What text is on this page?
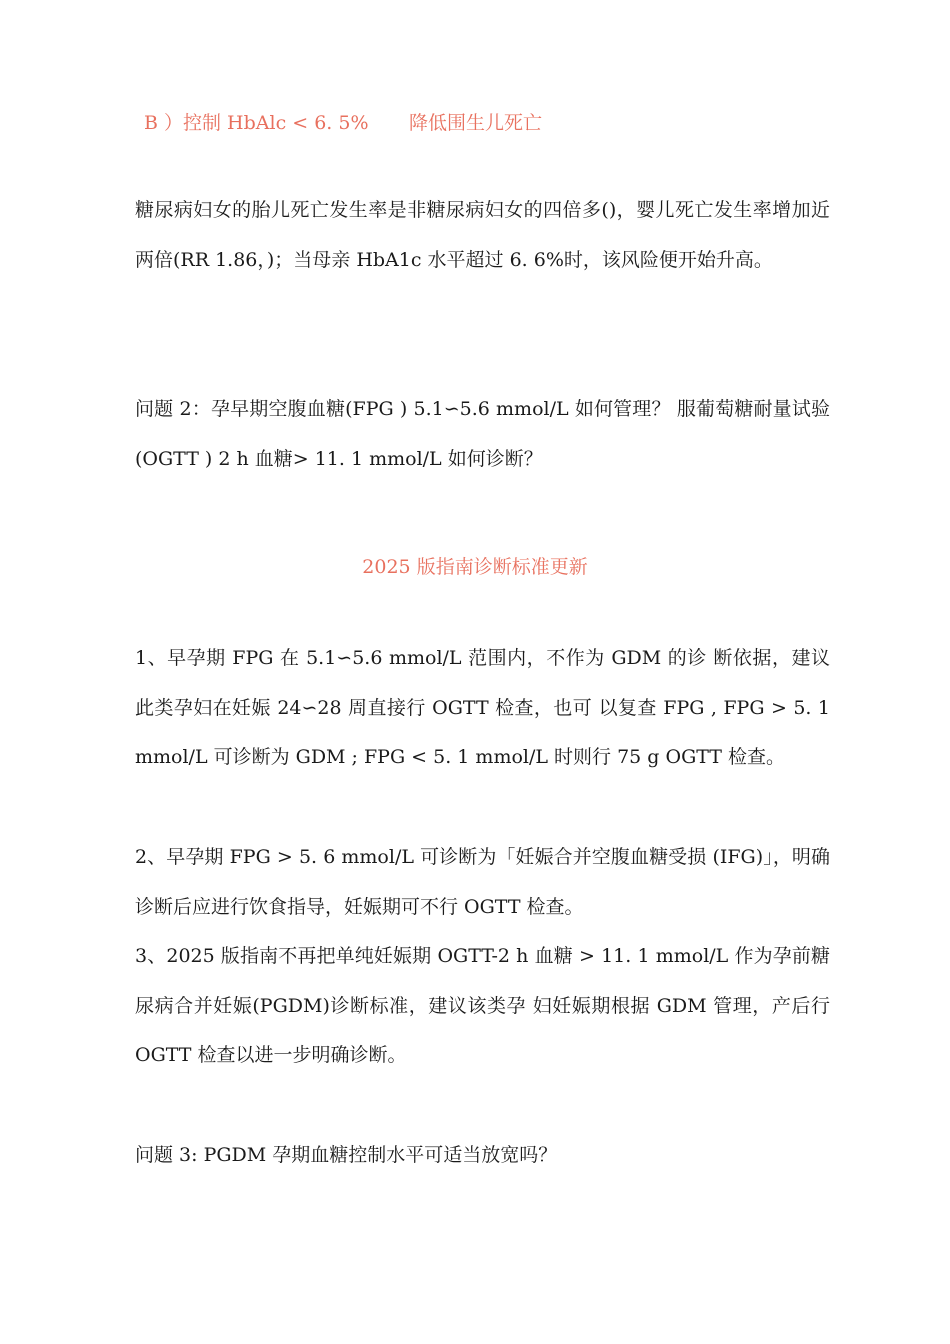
B ）控制 HbAlc < 6. 5% 降低围生儿死亡
糖尿病妇女的胎儿死亡发生率是非糖尿病妇女的四倍多()，婴儿死亡发生率增加近两倍(RR 1.86，)；当母亲 HbA1c 水平超过 6. 6%时，该风险便开始升高。
问题 2：孕早期空腹血糖(FPG ) 5.1∽5.6 mmol/L 如何管理？ 服葡萄糖耐量试验(OGTT ) 2 h 血糖> 11. 1 mmol/L 如何诊断？
2025 版指南诊断标准更新
1、早孕期 FPG 在 5.1∽5.6 mmol/L 范围内，不作为 GDM 的诊 断依据，建议此类孕妇在妊娠 24∽28 周直接行 OGTT 检查，也可 以复查 FPG , FPG > 5. 1 mmol/L 可诊断为 GDM ; FPG < 5. 1 mmol/L 时则行 75 g OGTT 检查。
2、早孕期 FPG > 5. 6 mmol/L 可诊断为「妊娠合并空腹血糖受损 (IFG)」，明确诊断后应进行饮食指导，妊娠期可不行 OGTT 检查。
3、2025 版指南不再把单纯妊娠期 OGTT-2 h 血糖 > 11. 1 mmol/L 作为孕前糖尿病合并妊娠(PGDM)诊断标准，建议该类孕 妇妊娠期根据 GDM 管理，产后行 OGTT 检查以进一步明确诊断。
问题 3: PGDM 孕期血糖控制水平可适当放宽吗？
